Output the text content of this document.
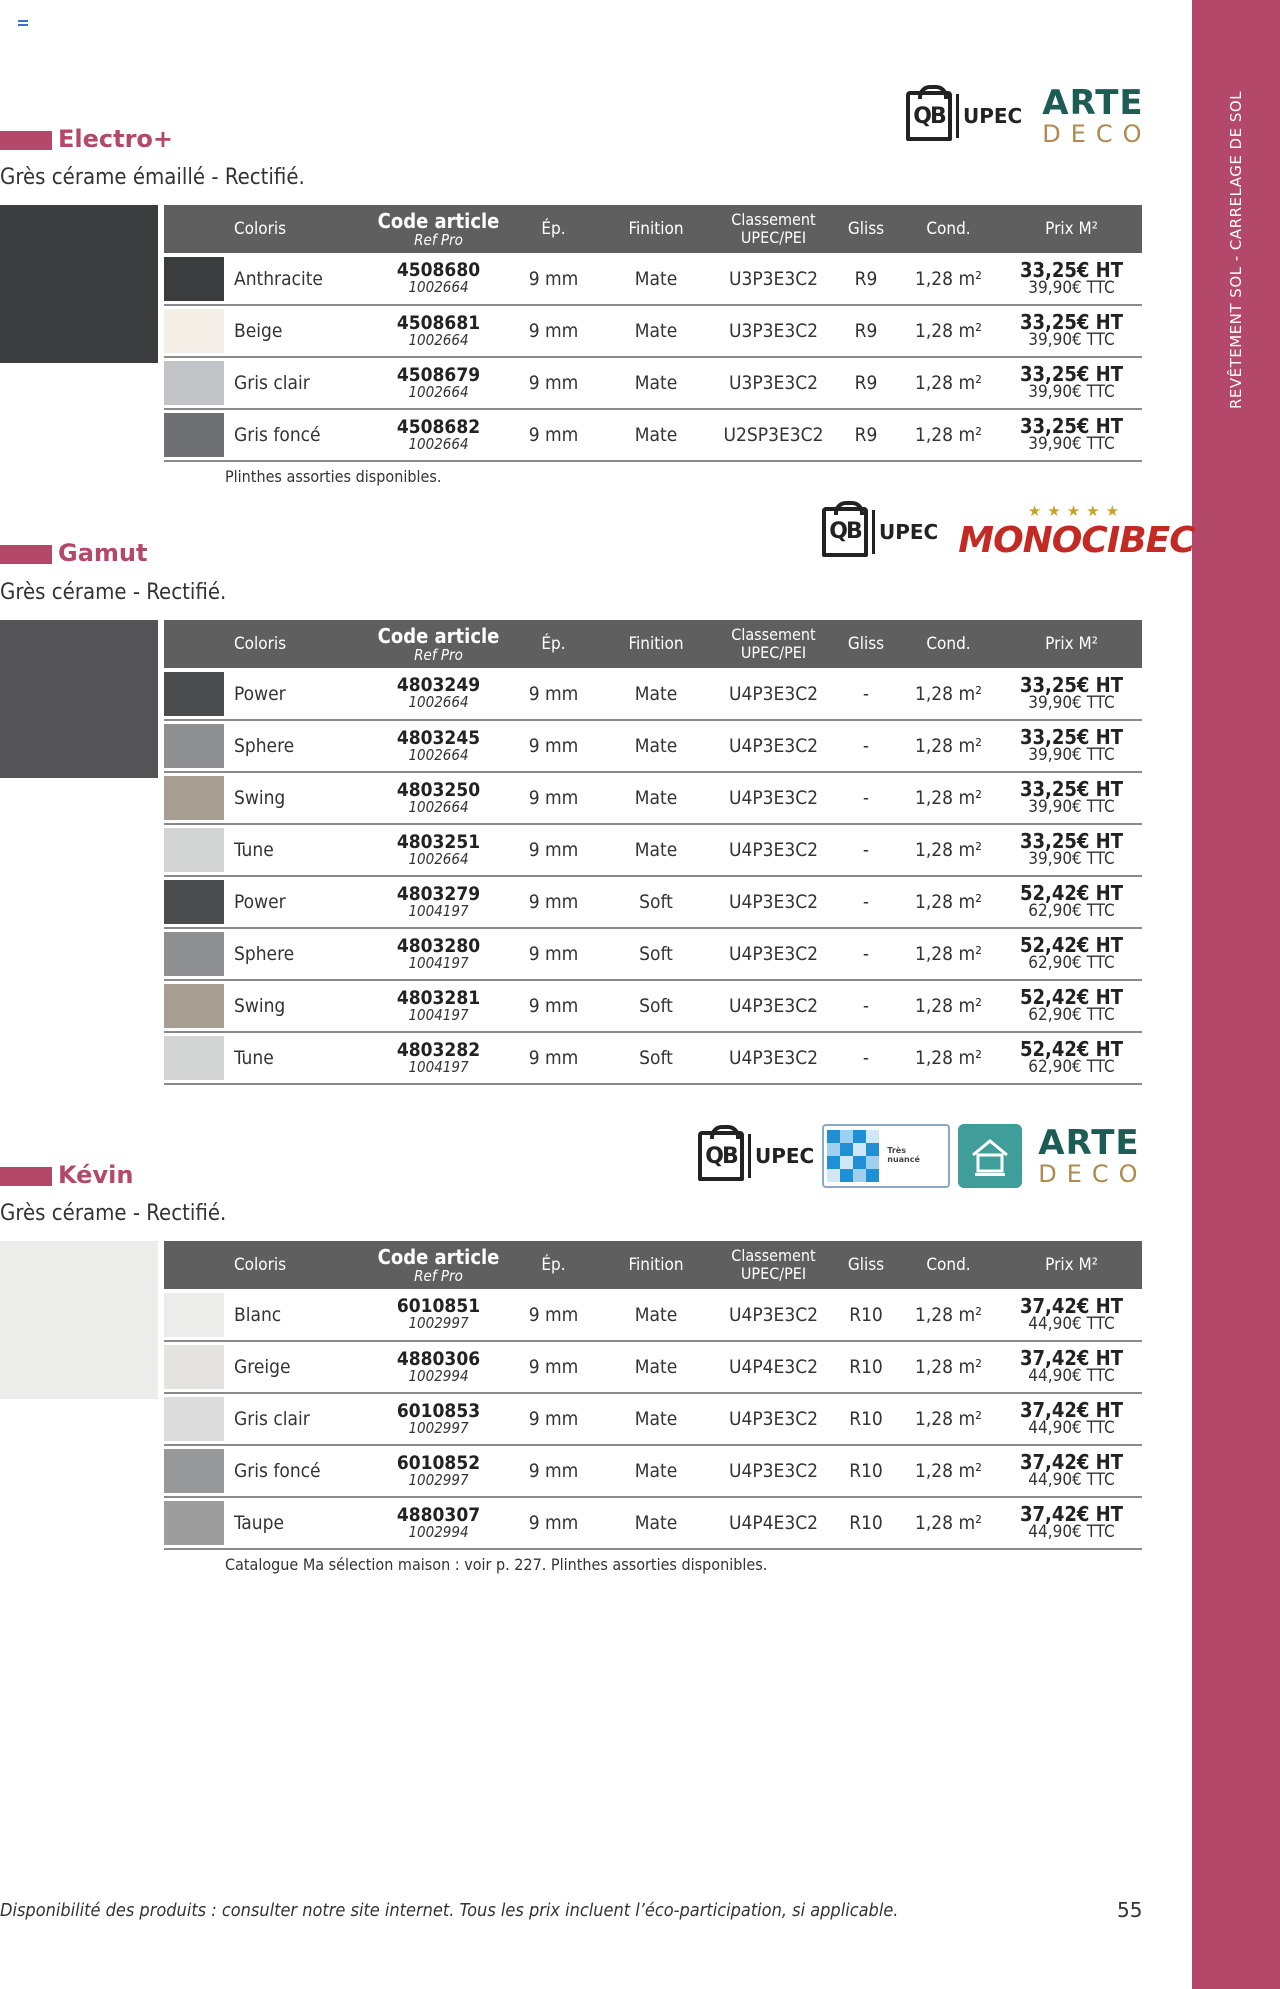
REVÊTEMENT SOL - CARRELAGE DE SOL
QB UPEC ARTE
DECO
Electro+
Grès cérame émaillé - Rectifié.
Coloris	Code article
Ref Pro	Ép.	Finition	Classement
UPEC/PEI	Gliss	Cond.	Prix M²

Anthracite	4508680
1002664	9 mm	Mate	U3P3E3C2	R9	1,28 m²	33,25€ HT
39,90€ TTC

Beige	4508681
1002664	9 mm	Mate	U3P3E3C2	R9	1,28 m²	33,25€ HT
39,90€ TTC

Gris clair	4508679
1002664	9 mm	Mate	U3P3E3C2	R9	1,28 m²	33,25€ HT
39,90€ TTC

Gris foncé	4508682
1002664	9 mm	Mate	U2SP3E3C2	R9	1,28 m²	33,25€ HT
39,90€ TTC
Plinthes assorties disponibles.
QB UPEC
★★★★★
MONOCIBEC
Gamut
Grès cérame - Rectifié.
Coloris	Code article
Ref Pro	Ép.	Finition	Classement
UPEC/PEI	Gliss	Cond.	Prix M²

Power	4803249
1002664	9 mm	Mate	U4P3E3C2	-	1,28 m²	33,25€ HT
39,90€ TTC

Sphere	4803245
1002664	9 mm	Mate	U4P3E3C2	-	1,28 m²	33,25€ HT
39,90€ TTC

Swing	4803250
1002664	9 mm	Mate	U4P3E3C2	-	1,28 m²	33,25€ HT
39,90€ TTC

Tune	4803251
1002664	9 mm	Mate	U4P3E3C2	-	1,28 m²	33,25€ HT
39,90€ TTC

Power	4803279
1004197	9 mm	Soft	U4P3E3C2	-	1,28 m²	52,42€ HT
62,90€ TTC

Sphere	4803280
1004197	9 mm	Soft	U4P3E3C2	-	1,28 m²	52,42€ HT
62,90€ TTC

Swing	4803281
1004197	9 mm	Soft	U4P3E3C2	-	1,28 m²	52,42€ HT
62,90€ TTC

Tune	4803282
1004197	9 mm	Soft	U4P3E3C2	-	1,28 m²	52,42€ HT
62,90€ TTC
QB UPEC	Très
nuancé	ARTE
DECO
Kévin
Grès cérame - Rectifié.
Coloris	Code article
Ref Pro	Ép.	Finition	Classement
UPEC/PEI	Gliss	Cond.	Prix M²

Blanc	6010851
1002997	9 mm	Mate	U4P3E3C2	R10	1,28 m²	37,42€ HT
44,90€ TTC

Greige	4880306
1002994	9 mm	Mate	U4P4E3C2	R10	1,28 m²	37,42€ HT
44,90€ TTC

Gris clair	6010853
1002997	9 mm	Mate	U4P3E3C2	R10	1,28 m²	37,42€ HT
44,90€ TTC

Gris foncé	6010852
1002997	9 mm	Mate	U4P3E3C2	R10	1,28 m²	37,42€ HT
44,90€ TTC

Taupe	4880307
1002994	9 mm	Mate	U4P4E3C2	R10	1,28 m²	37,42€ HT
44,90€ TTC
Catalogue Ma sélection maison : voir p. 227. Plinthes assorties disponibles.
Disponibilité des produits : consulter notre site internet. Tous les prix incluent l’éco-participation, si applicable.	55
